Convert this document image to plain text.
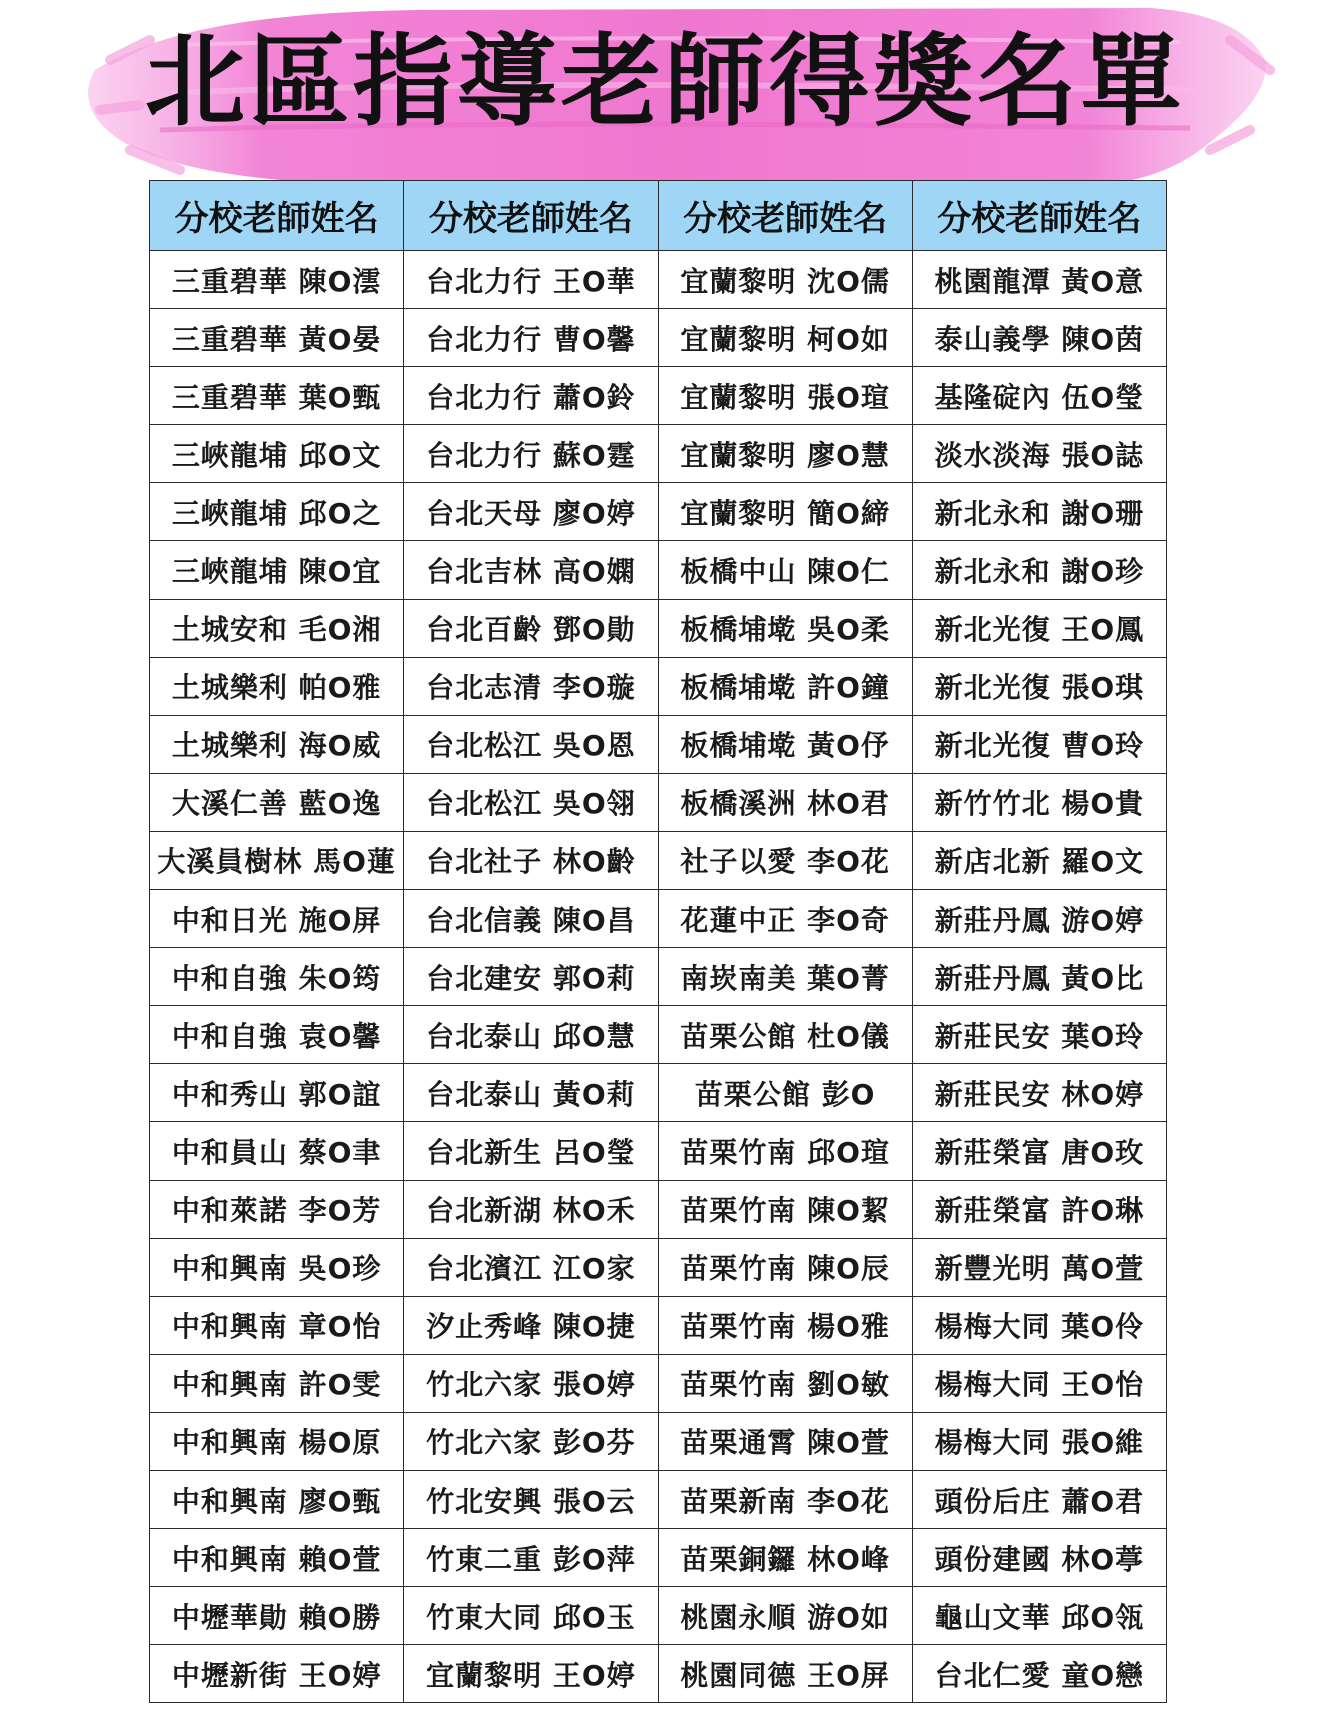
北區指導老師得獎名單
分校老師姓名	分校老師姓名	分校老師姓名	分校老師姓名
三重碧華 陳O澐	台北力行 王O華	宜蘭黎明 沈O儒	桃園龍潭 黃O意
三重碧華 黃O晏	台北力行 曹O馨	宜蘭黎明 柯O如	泰山義學 陳O茵
三重碧華 葉O甄	台北力行 蕭O鈴	宜蘭黎明 張O瑄	基隆碇內 伍O瑩
三峽龍埔 邱O文	台北力行 蘇O霆	宜蘭黎明 廖O慧	淡水淡海 張O誌
三峽龍埔 邱O之	台北天母 廖O婷	宜蘭黎明 簡O締	新北永和 謝O珊
三峽龍埔 陳O宜	台北吉林 高O嫻	板橋中山 陳O仁	新北永和 謝O珍
土城安和 毛O湘	台北百齡 鄧O勛	板橋埔墘 吳O柔	新北光復 王O鳳
土城樂利 帕O雅	台北志清 李O璇	板橋埔墘 許O鐘	新北光復 張O琪
土城樂利 海O威	台北松江 吳O恩	板橋埔墘 黃O伃	新北光復 曹O玲
大溪仁善 藍O逸	台北松江 吳O翎	板橋溪洲 林O君	新竹竹北 楊O貴
大溪員樹林 馬O蓮	台北社子 林O齡	社子以愛 李O花	新店北新 羅O文
中和日光 施O屏	台北信義 陳O昌	花蓮中正 李O奇	新莊丹鳳 游O婷
中和自強 朱O筠	台北建安 郭O莉	南崁南美 葉O菁	新莊丹鳳 黃O比
中和自強 袁O馨	台北泰山 邱O慧	苗栗公館 杜O儀	新莊民安 葉O玲
中和秀山 郭O誼	台北泰山 黃O莉	苗栗公館 彭O	新莊民安 林O婷
中和員山 蔡O聿	台北新生 呂O瑩	苗栗竹南 邱O瑄	新莊榮富 唐O玫
中和萊諾 李O芳	台北新湖 林O禾	苗栗竹南 陳O絜	新莊榮富 許O琳
中和興南 吳O珍	台北濱江 江O家	苗栗竹南 陳O辰	新豐光明 萬O萱
中和興南 章O怡	汐止秀峰 陳O捷	苗栗竹南 楊O雅	楊梅大同 葉O伶
中和興南 許O雯	竹北六家 張O婷	苗栗竹南 劉O敏	楊梅大同 王O怡
中和興南 楊O原	竹北六家 彭O芬	苗栗通霄 陳O萱	楊梅大同 張O維
中和興南 廖O甄	竹北安興 張O云	苗栗新南 李O花	頭份后庄 蕭O君
中和興南 賴O萱	竹東二重 彭O萍	苗栗銅鑼 林O峰	頭份建國 林O葶
中壢華勛 賴O勝	竹東大同 邱O玉	桃園永順 游O如	龜山文華 邱O瓴
中壢新街 王O婷	宜蘭黎明 王O婷	桃園同德 王O屏	台北仁愛 童O戀
